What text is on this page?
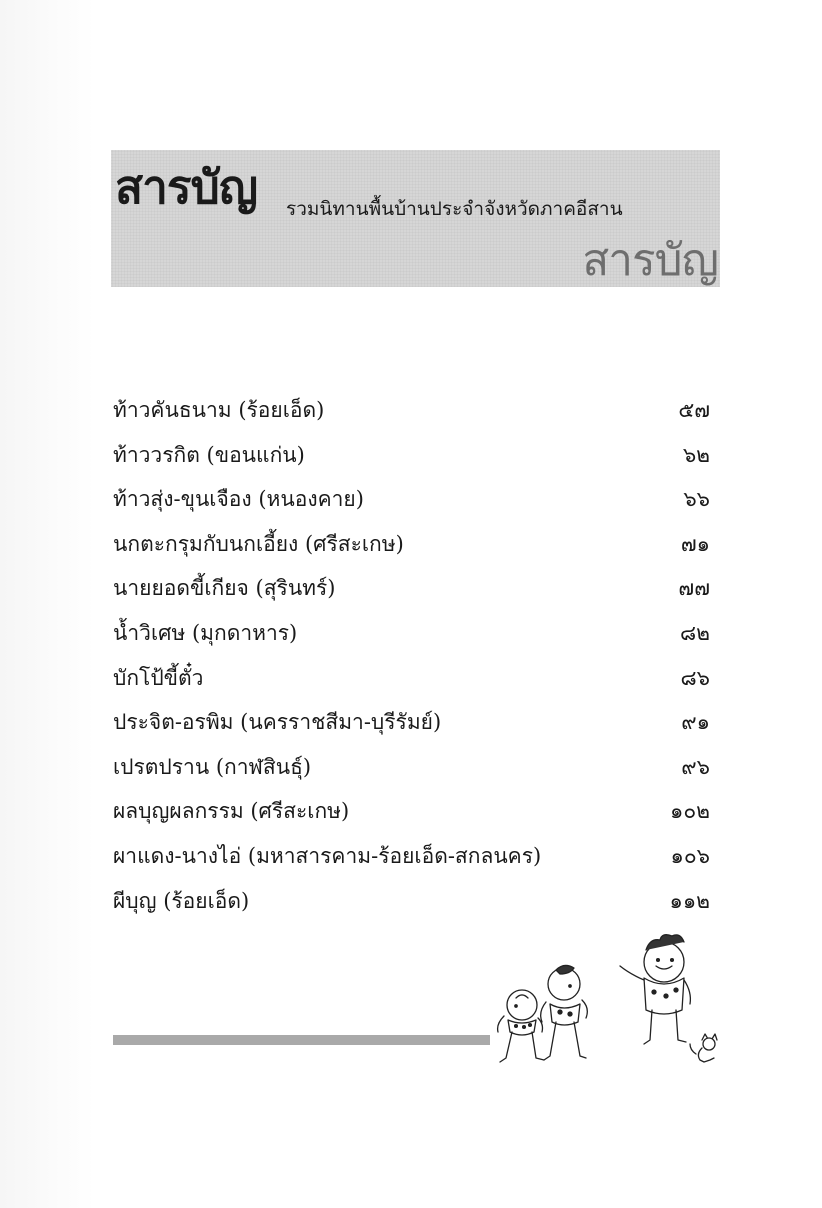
สารบัญ รวมนิทานพื้นบ้านประจำจังหวัดภาคอีสาน
สารบัญ
ท้าวคันธนาม (ร้อยเอ็ด)	๕๗
ท้าววรกิต (ขอนแก่น)	๖๒
ท้าวสุ่ง-ขุนเจือง (หนองคาย)	๖๖
นกตะกรุมกับนกเอี้ยง (ศรีสะเกษ)	๗๑
นายยอดขี้เกียจ (สุรินทร์)	๗๗
น้ำวิเศษ (มุกดาหาร)	๘๒
บักโป้ขี้ตั๋ว	๘๖
ประจิต-อรพิม (นครราชสีมา-บุรีรัมย์)	๙๑
เปรตปราน (กาฬสินธุ์)	๙๖
ผลบุญผลกรรม (ศรีสะเกษ)	๑๐๒
ผาแดง-นางไอ่ (มหาสารคาม-ร้อยเอ็ด-สกลนคร)	๑๐๖
ผีบุญ (ร้อยเอ็ด)	๑๑๒
